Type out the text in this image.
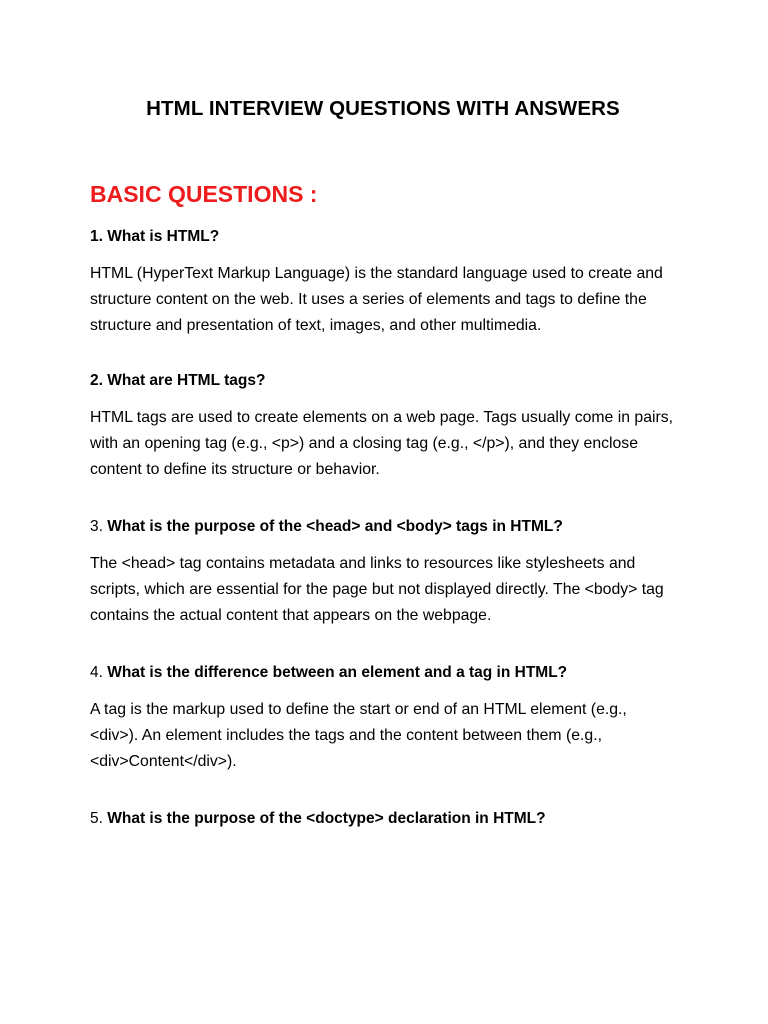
HTML INTERVIEW QUESTIONS WITH ANSWERS
BASIC QUESTIONS :

1. What is HTML?

HTML (HyperText Markup Language) is the standard language used to create and structure content on the web. It uses a series of elements and tags to define the structure and presentation of text, images, and other multimedia.

2. What are HTML tags?

HTML tags are used to create elements on a web page. Tags usually come in pairs, with an opening tag (e.g., <p>) and a closing tag (e.g., </p>), and they enclose content to define its structure or behavior.

3. What is the purpose of the <head> and <body> tags in HTML?

The <head> tag contains metadata and links to resources like stylesheets and scripts, which are essential for the page but not displayed directly. The <body> tag contains the actual content that appears on the webpage.

4. What is the difference between an element and a tag in HTML?

A tag is the markup used to define the start or end of an HTML element (e.g., <div>). An element includes the tags and the content between them (e.g., <div>Content</div>).

5. What is the purpose of the <doctype> declaration in HTML?
